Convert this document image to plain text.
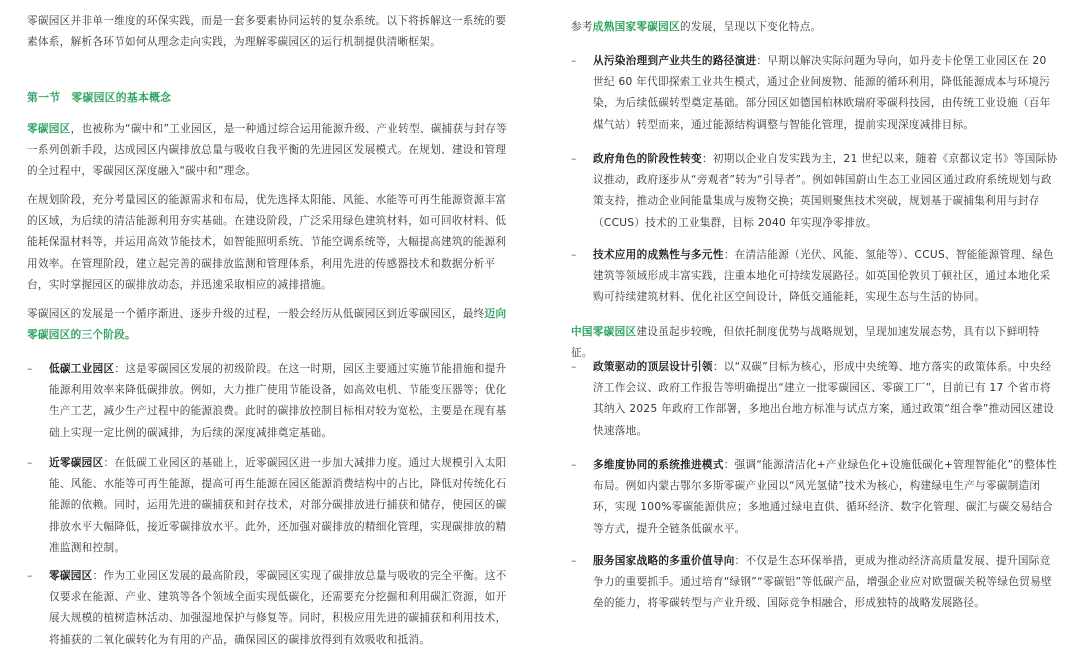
零碳园区并非单一维度的环保实践，而是一套多要素协同运转的复杂系统。以下将拆解这一系统的要素体系，解析各环节如何从理念走向实践，为理解零碳园区的运行机制提供清晰框架。

第一节　零碳园区的基本概念

零碳园区，也被称为“碳中和”工业园区，是一种通过综合运用能源升级、产业转型、碳捕获与封存等一系列创新手段，达成园区内碳排放总量与吸收自我平衡的先进园区发展模式。在规划、建设和管理的全过程中，零碳园区深度融入“碳中和”理念。

在规划阶段，充分考量园区的能源需求和布局，优先选择太阳能、风能、水能等可再生能源资源丰富的区域，为后续的清洁能源利用夯实基础。在建设阶段，广泛采用绿色建筑材料，如可回收材料、低能耗保温材料等，并运用高效节能技术，如智能照明系统、节能空调系统等，大幅提高建筑的能源利用效率。在管理阶段，建立起完善的碳排放监测和管理体系，利用先进的传感器技术和数据分析平台，实时掌握园区的碳排放动态，并迅速采取相应的减排措施。

零碳园区的发展是一个循序渐进、逐步升级的过程，一般会经历从低碳园区到近零碳园区，最终迈向零碳园区的三个阶段。

–	低碳工业园区：这是零碳园区发展的初级阶段。在这一时期，园区主要通过实施节能措施和提升能源利用效率来降低碳排放。例如，大力推广使用节能设备，如高效电机、节能变压器等；优化生产工艺，减少生产过程中的能源浪费。此时的碳排放控制目标相对较为宽松，主要是在现有基础上实现一定比例的碳减排，为后续的深度减排奠定基础。
–	近零碳园区：在低碳工业园区的基础上，近零碳园区进一步加大减排力度。通过大规模引入太阳能、风能、水能等可再生能源，提高可再生能源在园区能源消费结构中的占比，降低对传统化石能源的依赖。同时，运用先进的碳捕获和封存技术，对部分碳排放进行捕获和储存，使园区的碳排放水平大幅降低，接近零碳排放水平。此外，还加强对碳排放的精细化管理，实现碳排放的精准监测和控制。
–	零碳园区：作为工业园区发展的最高阶段，零碳园区实现了碳排放总量与吸收的完全平衡。这不仅要求在能源、产业、建筑等各个领域全面实现低碳化，还需要充分挖掘和利用碳汇资源，如开展大规模的植树造林活动、加强湿地保护与修复等。同时，积极应用先进的碳捕获和利用技术，将捕获的二氧化碳转化为有用的产品，确保园区的碳排放得到有效吸收和抵消。

参考成熟国家零碳园区的发展，呈现以下变化特点。

–	从污染治理到产业共生的路径演进：早期以解决实际问题为导向，如丹麦卡伦堡工业园区在 20 世纪 60 年代即探索工业共生模式，通过企业间废物、能源的循环利用，降低能源成本与环境污染，为后续低碳转型奠定基础。部分园区如德国柏林欧瑞府零碳科技园，由传统工业设施（百年煤气站）转型而来，通过能源结构调整与智能化管理，提前实现深度减排目标。
–	政府角色的阶段性转变：初期以企业自发实践为主，21 世纪以来，随着《京都议定书》等国际协议推动，政府逐步从“旁观者”转为“引导者”。例如韩国蔚山生态工业园区通过政府系统规划与政策支持，推动企业间能量集成与废物交换；英国则聚焦技术突破，规划基于碳捕集利用与封存（CCUS）技术的工业集群，目标 2040 年实现净零排放。
–	技术应用的成熟性与多元性：在清洁能源（光伏、风能、氢能等）、CCUS、智能能源管理、绿色建筑等领域形成丰富实践，注重本地化可持续发展路径。如英国伦敦贝丁顿社区，通过本地化采购可持续建筑材料、优化社区空间设计，降低交通能耗，实现生态与生活的协同。

中国零碳园区建设虽起步较晚，但依托制度优势与战略规划，呈现加速发展态势，具有以下鲜明特征。

–	政策驱动的顶层设计引领：以“双碳”目标为核心，形成中央统筹、地方落实的政策体系。中央经济工作会议、政府工作报告等明确提出“建立一批零碳园区、零碳工厂”，目前已有 17 个省市将其纳入 2025 年政府工作部署，多地出台地方标准与试点方案，通过政策“组合拳”推动园区建设快速落地。
–	多维度协同的系统推进模式：强调“能源清洁化+产业绿色化+设施低碳化+管理智能化”的整体性布局。例如内蒙古鄂尔多斯零碳产业园以“风光氢储”技术为核心，构建绿电生产与零碳制造闭环，实现 100%零碳能源供应；多地通过绿电直供、循环经济、数字化管理、碳汇与碳交易结合等方式，提升全链条低碳水平。
–	服务国家战略的多重价值导向：不仅是生态环保举措，更成为推动经济高质量发展、提升国际竞争力的重要抓手。通过培育“绿钢”“零碳铝”等低碳产品，增强企业应对欧盟碳关税等绿色贸易壁垒的能力，将零碳转型与产业升级、国际竞争相融合，形成独特的战略发展路径。
